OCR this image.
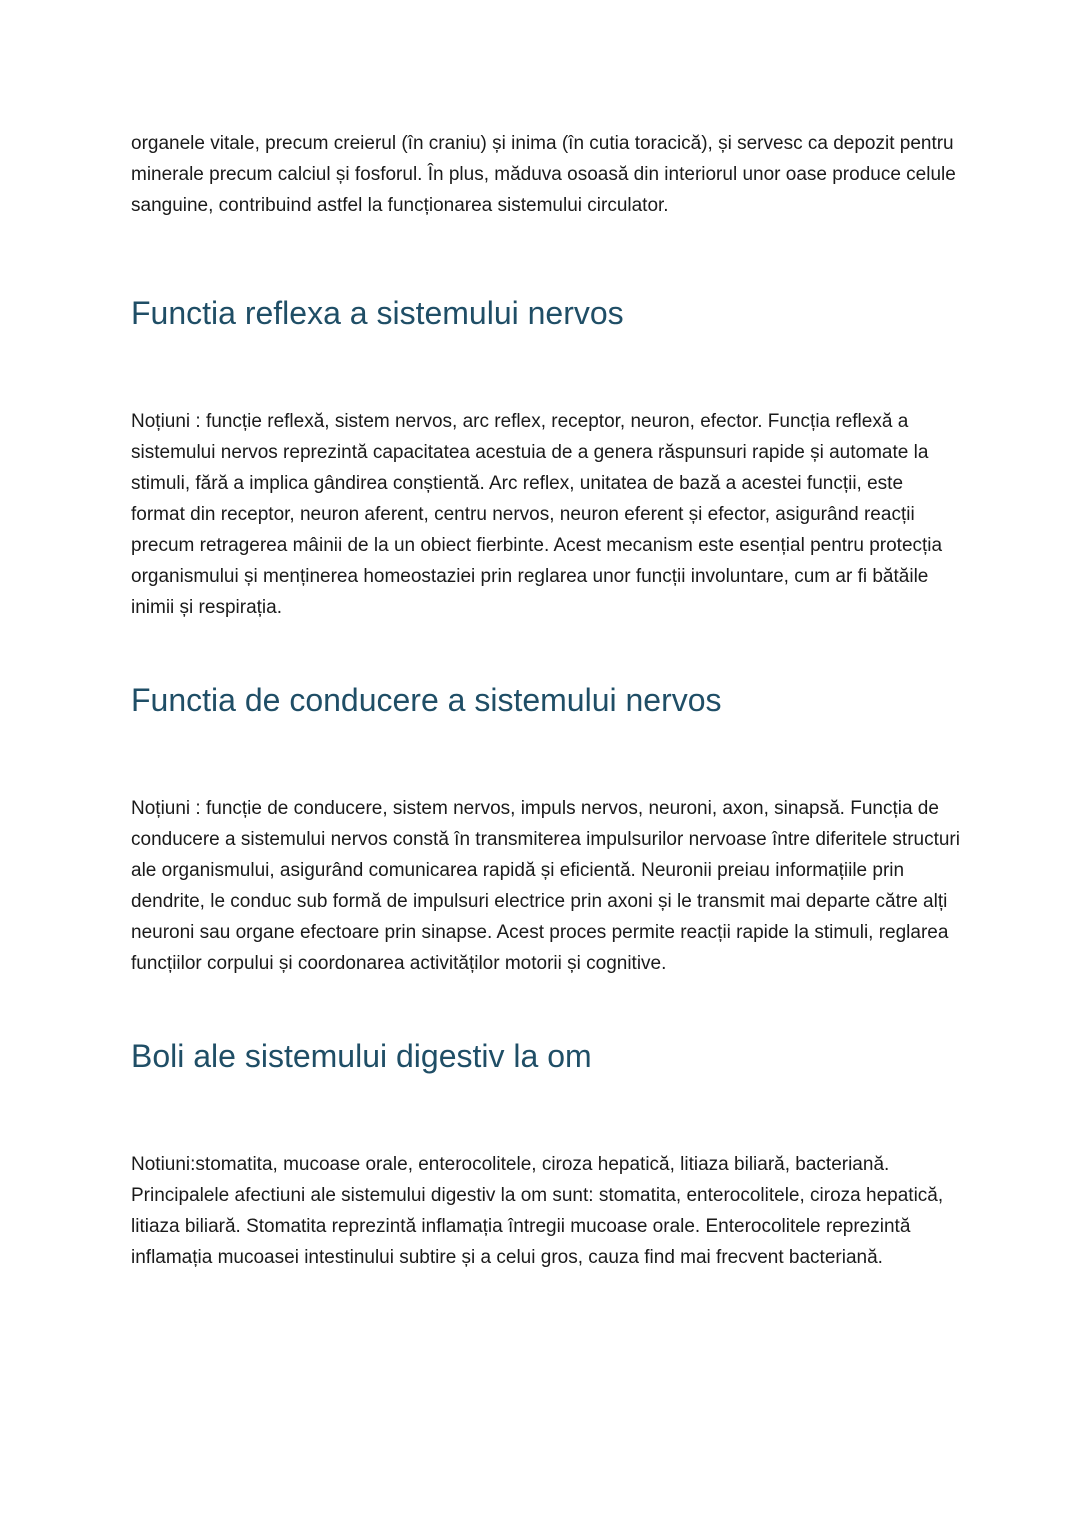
organele vitale, precum creierul (în craniu) și inima (în cutia toracică), și servesc ca depozit pentru minerale precum calciul și fosforul. În plus, măduva osoasă din interiorul unor oase produce celule sanguine, contribuind astfel la funcționarea sistemului circulator.

Functia reflexa a sistemului nervos

Noțiuni : funcție reflexă, sistem nervos, arc reflex, receptor, neuron, efector. Funcția reflexă a sistemului nervos reprezintă capacitatea acestuia de a genera răspunsuri rapide și automate la stimuli, fără a implica gândirea conștientă. Arc reflex, unitatea de bază a acestei funcții, este format din receptor, neuron aferent, centru nervos, neuron eferent și efector, asigurând reacții precum retragerea mâinii de la un obiect fierbinte. Acest mecanism este esențial pentru protecția organismului și menținerea homeostaziei prin reglarea unor funcții involuntare, cum ar fi bătăile inimii și respirația.

Functia de conducere a sistemului nervos

Noțiuni : funcție de conducere, sistem nervos, impuls nervos, neuroni, axon, sinapsă. Funcția de conducere a sistemului nervos constă în transmiterea impulsurilor nervoase între diferitele structuri ale organismului, asigurând comunicarea rapidă și eficientă. Neuronii preiau informațiile prin dendrite, le conduc sub formă de impulsuri electrice prin axoni și le transmit mai departe către alți neuroni sau organe efectoare prin sinapse. Acest proces permite reacții rapide la stimuli, reglarea funcțiilor corpului și coordonarea activităților motorii și cognitive.

Boli ale sistemului digestiv la om

Notiuni:stomatita, mucoase orale, enterocolitele, ciroza hepatică, litiaza biliară, bacteriană. Principalele afectiuni ale sistemului digestiv la om sunt: stomatita, enterocolitele, ciroza hepatică, litiaza biliară. Stomatita reprezintă inflamația întregii mucoase orale. Enterocolitele reprezintă inflamația mucoasei intestinului subtire și a celui gros, cauza find mai frecvent bacteriană.
